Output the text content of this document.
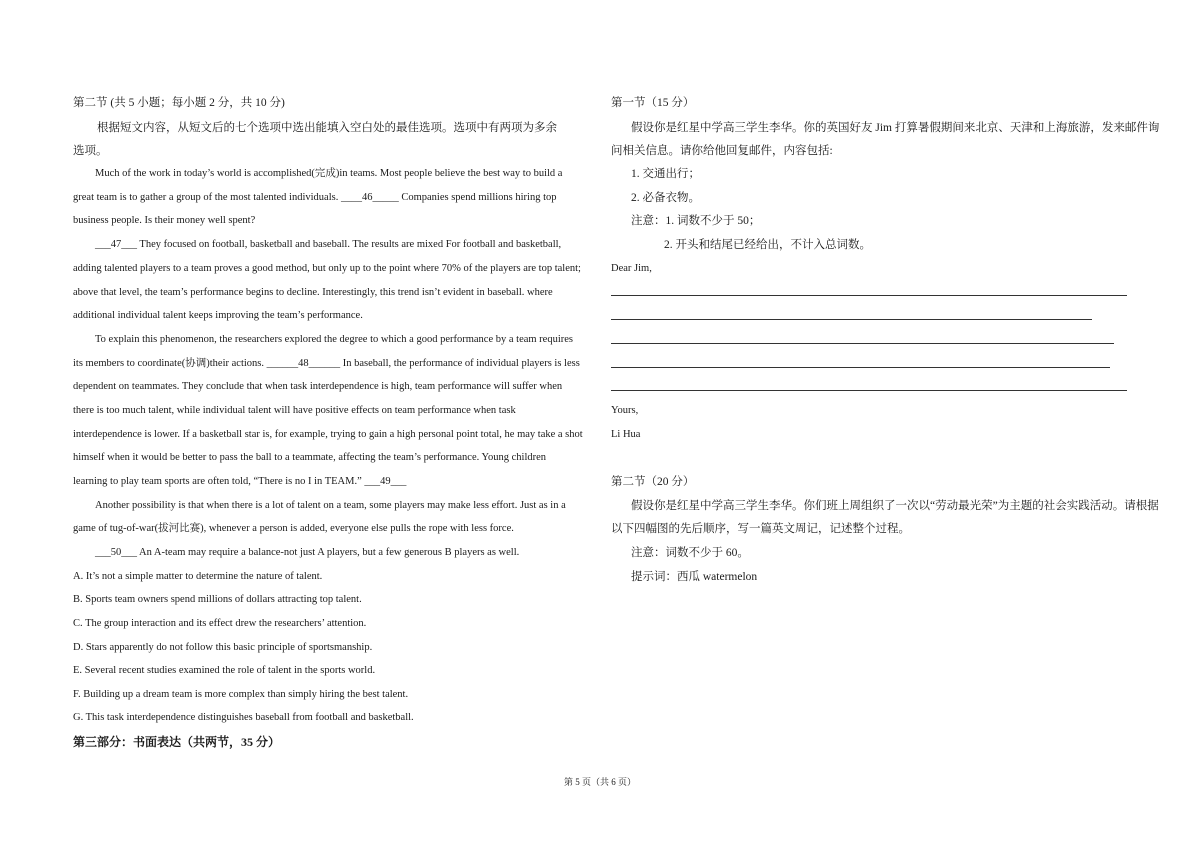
第二节 (共 5 小题；每小题 2 分，共 10 分)
根据短文内容，从短文后的七个选项中选出能填入空白处的最佳选项。选项中有两项为多余
选项。
Much of the work in today’s world is accomplished(完成)in teams. Most people believe the best way to build a
great team is to gather a group of the most talented individuals. ____46_____ Companies spend millions hiring top
business people. Is their money well spent?
___47___ They focused on football, basketball and baseball. The results are mixed For football and basketball,
adding talented players to a team proves a good method, but only up to the point where 70% of the players are top talent;
above that level, the team’s performance begins to decline. Interestingly, this trend isn’t evident in baseball. where
additional individual talent keeps improving the team’s performance.
To explain this phenomenon, the researchers explored the degree to which a good performance by a team requires
its members to coordinate(协调)their actions. ______48______ In baseball, the performance of individual players is less
dependent on teammates. They conclude that when task interdependence is high, team performance will suffer when
there is too much talent, while individual talent will have positive effects on team performance when task
interdependence is lower. If a basketball star is, for example, trying to gain a high personal point total, he may take a shot
himself when it would be better to pass the ball to a teammate, affecting the team’s performance. Young children
learning to play team sports are often told, “There is no I in TEAM.” ___49___
Another possibility is that when there is a lot of talent on a team, some players may make less effort. Just as in a
game of tug-of-war(拔河比赛), whenever a person is added, everyone else pulls the rope with less force.
___50___ An A-team may require a balance-not just A players, but a few generous B players as well.
A. It’s not a simple matter to determine the nature of talent.
B. Sports team owners spend millions of dollars attracting top talent.
C. The group interaction and its effect drew the researchers’ attention.
D. Stars apparently do not follow this basic principle of sportsmanship.
E. Several recent studies examined the role of talent in the sports world.
F. Building up a dream team is more complex than simply hiring the best talent.
G. This task interdependence distinguishes baseball from football and basketball.
第三部分：书面表达（共两节，35 分）
第一节（15 分）
假设你是红星中学高三学生李华。你的英国好友 Jim 打算暑假期间来北京、天津和上海旅游，发来邮件询
问相关信息。请你给他回复邮件，内容包括:
1. 交通出行；
2. 必备衣物。
注意：1. 词数不少于 50；
2. 开头和结尾已经给出，不计入总词数。
Dear Jim,
Yours,
Li Hua
第二节（20 分）
假设你是红星中学高三学生李华。你们班上周组织了一次以“劳动最光荣”为主题的社会实践活动。请根据
以下四幅图的先后顺序，写一篇英文周记，记述整个过程。
注意：词数不少于 60。
提示词：西瓜 watermelon
第 5 页（共 6 页）
